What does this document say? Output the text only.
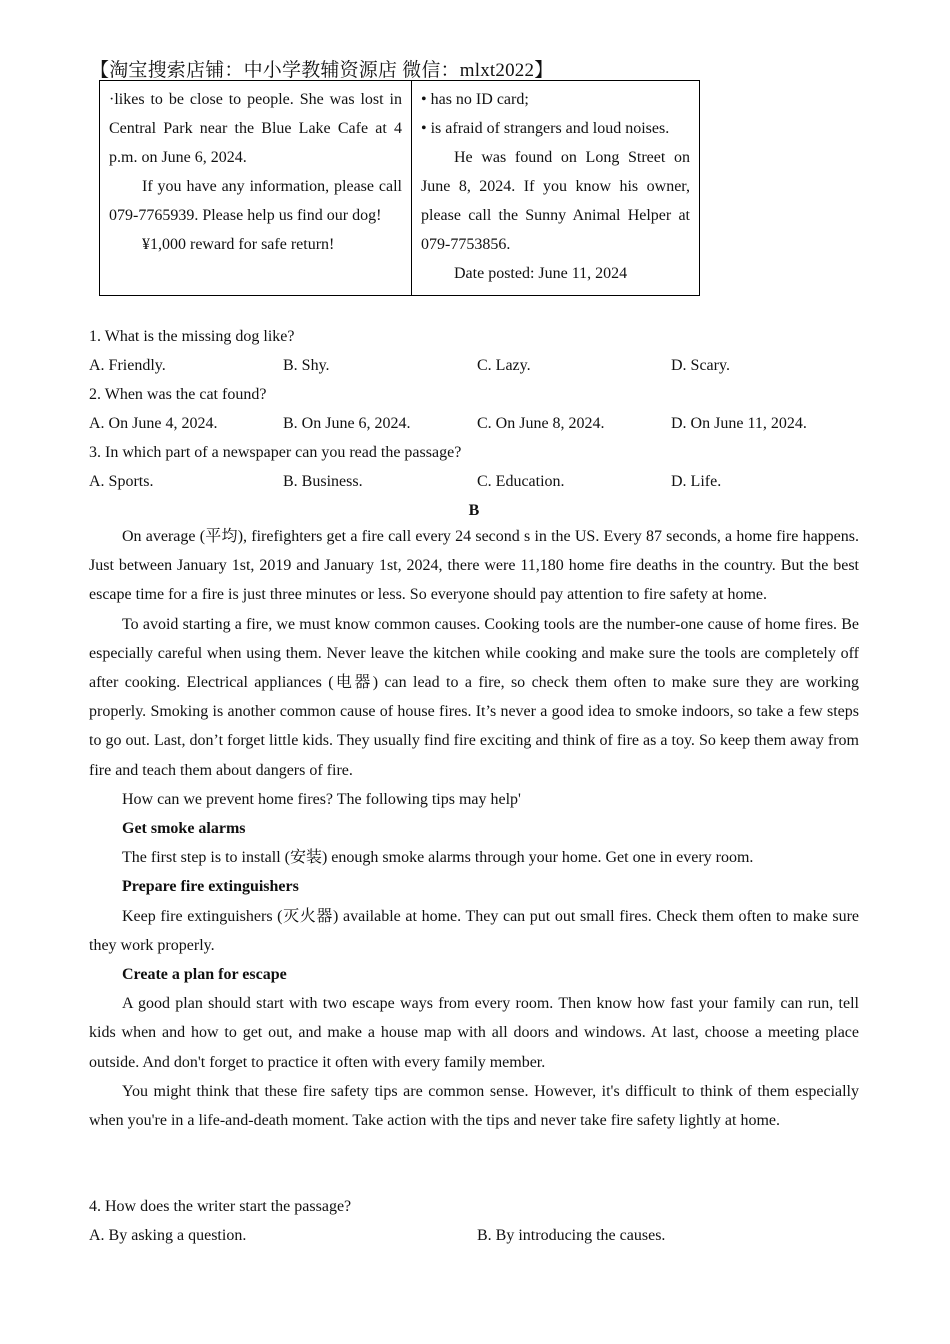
【淘宝搜索店铺：中小学教辅资源店 微信：mlxt2022】

·likes to be close to people. She was lost in Central Park near the Blue Lake Cafe at 4 p.m. on June 6, 2024.

If you have any information, please call 079-7765939. Please help us find our dog!

¥1,000 reward for safe return!

• has no ID card;

• is afraid of strangers and loud noises.

He was found on Long Street on June 8, 2024. If you know his owner, please call the Sunny Animal Helper at 079-7753856.

Date posted: June 11, 2024

1. What is the missing dog like?
A. Friendly.	B. Shy.	C. Lazy.	D. Scary.
2. When was the cat found?
A. On June 4, 2024.	B. On June 6, 2024.	C. On June 8, 2024.	D. On June 11, 2024.
3. In which part of a newspaper can you read the passage?
A. Sports.	B. Business.	C. Education.	D. Life.
B

On average (平均), firefighters get a fire call every 24 second s in the US. Every 87 seconds, a home fire happens. Just between January 1st, 2019 and January 1st, 2024, there were 11,180 home fire deaths in the country. But the best escape time for a fire is just three minutes or less. So everyone should pay attention to fire safety at home.

To avoid starting a fire, we must know common causes. Cooking tools are the number-one cause of home fires. Be especially careful when using them. Never leave the kitchen while cooking and make sure the tools are completely off after cooking. Electrical appliances (电器) can lead to a fire, so check them often to make sure they are working properly. Smoking is another common cause of house fires. It’s never a good idea to smoke indoors, so take a few steps to go out. Last, don’t forget little kids. They usually find fire exciting and think of fire as a toy. So keep them away from fire and teach them about dangers of fire.

How can we prevent home fires? The following tips may help'

Get smoke alarms

The first step is to install (安装) enough smoke alarms through your home. Get one in every room.

Prepare fire extinguishers

Keep fire extinguishers (灭火器) available at home. They can put out small fires. Check them often to make sure they work properly.

Create a plan for escape

A good plan should start with two escape ways from every room. Then know how fast your family can run, tell kids when and how to get out, and make a house map with all doors and windows. At last, choose a meeting place outside. And don't forget to practice it often with every family member.

You might think that these fire safety tips are common sense. However, it's difficult to think of them especially when you're in a life-and-death moment. Take action with the tips and never take fire safety lightly at home.

4. How does the writer start the passage?
A. By asking a question.	B. By introducing the causes.
